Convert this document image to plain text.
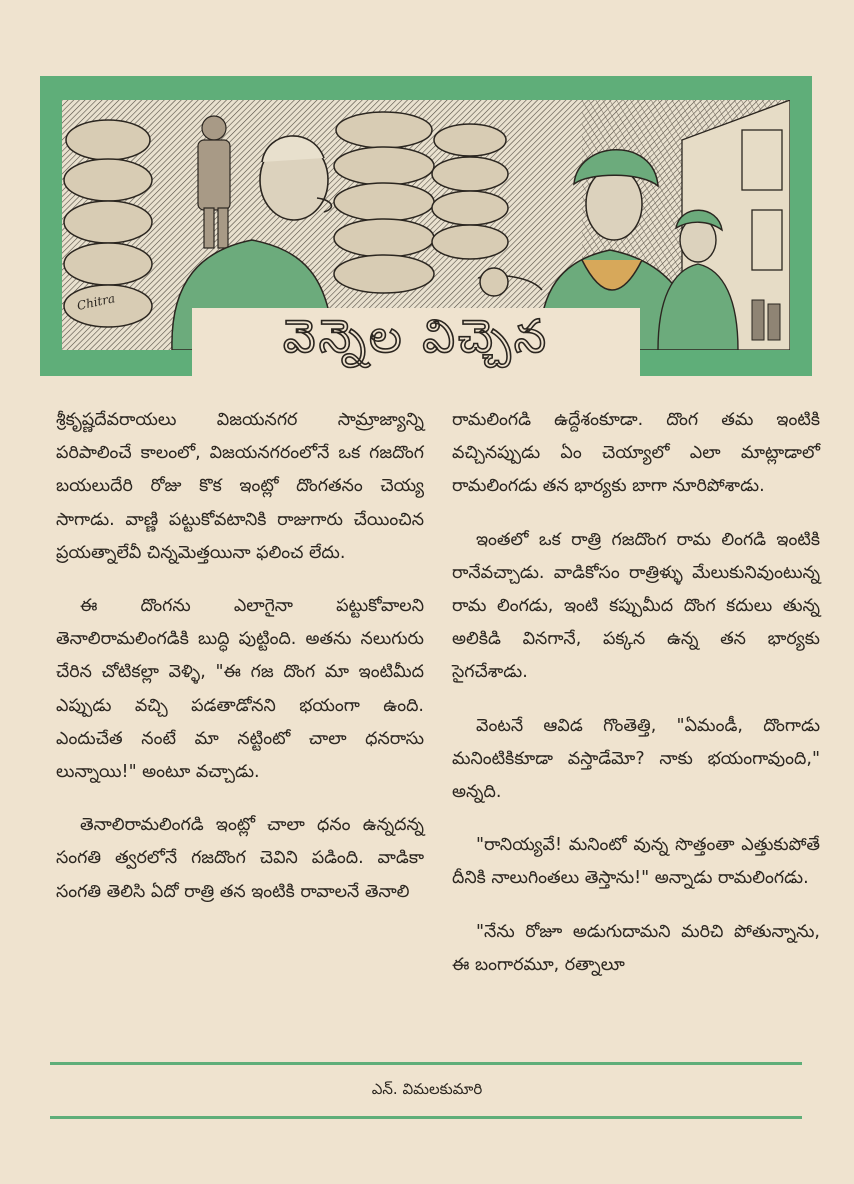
Chitra
వెన్నెల విచ్చెన

శ్రీకృష్ణదేవరాయలు విజయనగర సామ్రాజ్యాన్ని పరిపాలించే కాలంలో, విజయనగరంలోనే ఒక గజదొంగ బయలుదేరి రోజు కొక ఇంట్లో దొంగతనం చెయ్య సాగాడు. వాణ్ణి పట్టుకోవటానికి రాజుగారు చేయించిన ప్రయత్నాలేవీ చిన్నమెత్తయినా ఫలించ లేదు.

ఈ దొంగను ఎలాగైనా పట్టుకోవాలని తెనాలిరామలింగడికి బుద్ధి పుట్టింది. అతను నలుగురు చేరిన చోటికల్లా వెళ్ళి, "ఈ గజ దొంగ మా ఇంటిమీద ఎప్పుడు వచ్చి పడతాడోనని భయంగా ఉంది. ఎందుచేత నంటే మా నట్టింటో చాలా ధనరాసు లున్నాయి!" అంటూ వచ్చాడు.

తెనాలిరామలింగడి ఇంట్లో చాలా ధనం ఉన్నదన్న సంగతి త్వరలోనే గజదొంగ చెవిని పడింది. వాడికా సంగతి తెలిసి ఏదో రాత్రి తన ఇంటికి రావాలనే తెనాలి

రామలింగడి ఉద్దేశంకూడా. దొంగ తమ ఇంటికి వచ్చినప్పుడు ఏం చెయ్యాలో ఎలా మాట్లాడాలో రామలింగడు తన భార్యకు బాగా నూరిపోశాడు.

ఇంతలో ఒక రాత్రి గజదొంగ రామ లింగడి ఇంటికి రానేవచ్చాడు. వాడికోసం రాత్రిళ్ళు మేలుకునివుంటున్న రామ లింగడు, ఇంటి కప్పుమీద దొంగ కదులు తున్న అలికిడి వినగానే, పక్కన ఉన్న తన భార్యకు సైగచేశాడు.

వెంటనే ఆవిడ గొంతెత్తి, "ఏమండీ, దొంగాడు మనింటికికూడా వస్తాడేమో? నాకు భయంగావుంది," అన్నది.

"రానియ్యవే! మనింటో వున్న సొత్తంతా ఎత్తుకుపోతే దీనికి నాలుగింతలు తెస్తాను!" అన్నాడు రామలింగడు.

"నేను రోజూ అడుగుదామని మరిచి పోతున్నాను, ఈ బంగారమూ, రత్నాలూ

ఎన్. విమలకుమారి
